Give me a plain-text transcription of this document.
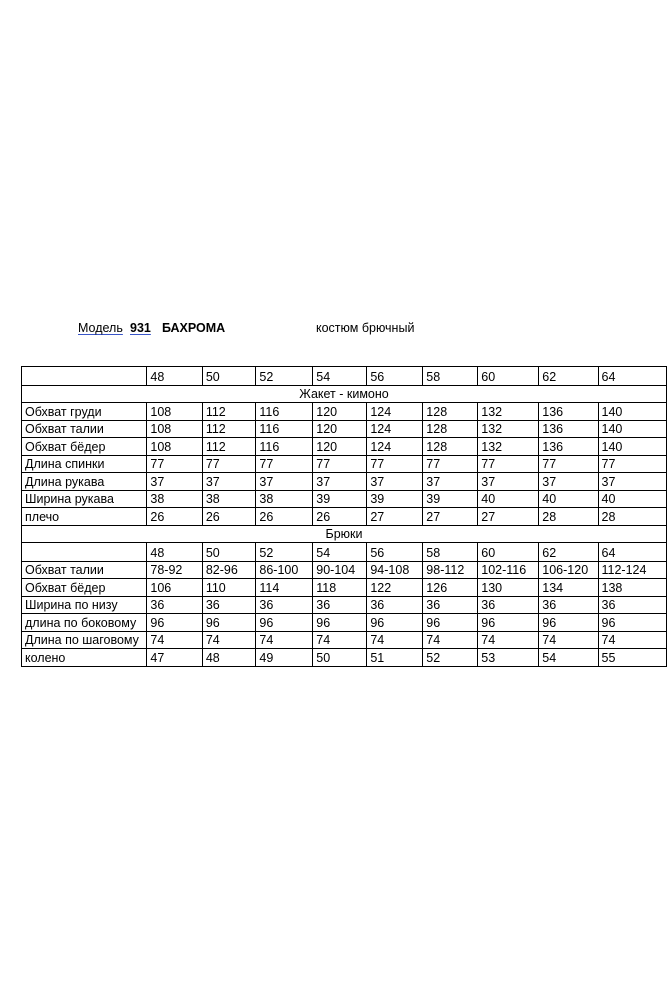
Модель 931 БАХРОМА	костюм брючный
	48	50	52	54	56	58	60	62	64
Жакет - кимоно									
Обхват груди	108	112	116	120	124	128	132	136	140
Обхват талии	108	112	116	120	124	128	132	136	140
Обхват бёдер	108	112	116	120	124	128	132	136	140
Длина спинки	77	77	77	77	77	77	77	77	77
Длина рукава	37	37	37	37	37	37	37	37	37
Ширина рукава	38	38	38	39	39	39	40	40	40
плечо	26	26	26	26	27	27	27	28	28
Брюки									
	48	50	52	54	56	58	60	62	64
Обхват талии	78-92	82-96	86-100	90-104	94-108	98-112	102-116	106-120	112-124
Обхват бёдер	106	110	114	118	122	126	130	134	138
Ширина по низу	36	36	36	36	36	36	36	36	36
длина по боковому	96	96	96	96	96	96	96	96	96
Длина по шаговому	74	74	74	74	74	74	74	74	74
колено	47	48	49	50	51	52	53	54	55
